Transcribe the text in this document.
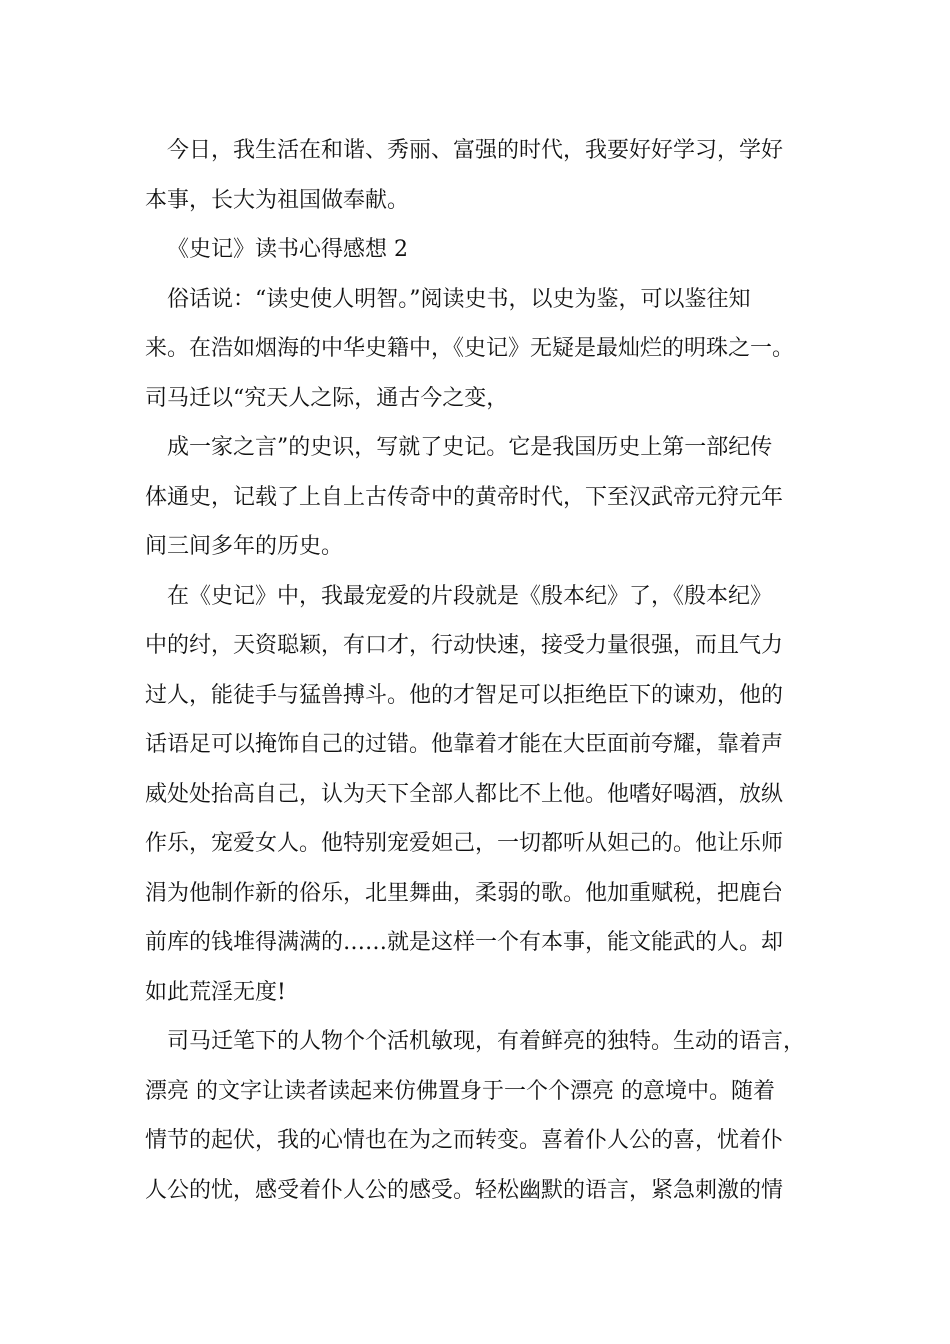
今日，我生活在和谐、秀丽、富强的时代，我要好好学习，学好
本事，长大为祖国做奉献。
《史记》读书心得感想 2
俗话说：“读史使人明智。”阅读史书，以史为鉴，可以鉴往知
来。在浩如烟海的中华史籍中，《史记》无疑是最灿烂的明珠之一。
司马迁以“究天人之际，通古今之变，
成一家之言”的史识，写就了史记。它是我国历史上第一部纪传
体通史，记载了上自上古传奇中的黄帝时代，下至汉武帝元狩元年
间三间多年的历史。
在《史记》中，我最宠爱的片段就是《殷本纪》了，《殷本纪》
中的纣，天资聪颖，有口才，行动快速，接受力量很强，而且气力
过人，能徒手与猛兽搏斗。他的才智足可以拒绝臣下的谏劝，他的
话语足可以掩饰自己的过错。他靠着才能在大臣面前夸耀，靠着声
威处处抬高自己，认为天下全部人都比不上他。他嗜好喝酒，放纵
作乐，宠爱女人。他特别宠爱妲己，一切都听从妲己的。他让乐师
涓为他制作新的俗乐，北里舞曲，柔弱的歌。他加重赋税，把鹿台
前库的钱堆得满满的……就是这样一个有本事，能文能武的人。却
如此荒淫无度!
司马迁笔下的人物个个活机敏现，有着鲜亮的独特。生动的语言，
漂亮 的文字让读者读起来仿佛置身于一个个漂亮 的意境中。随着
情节的起伏，我的心情也在为之而转变。喜着仆人公的喜，忧着仆
人公的忧，感受着仆人公的感受。轻松幽默的语言，紧急刺激的情
